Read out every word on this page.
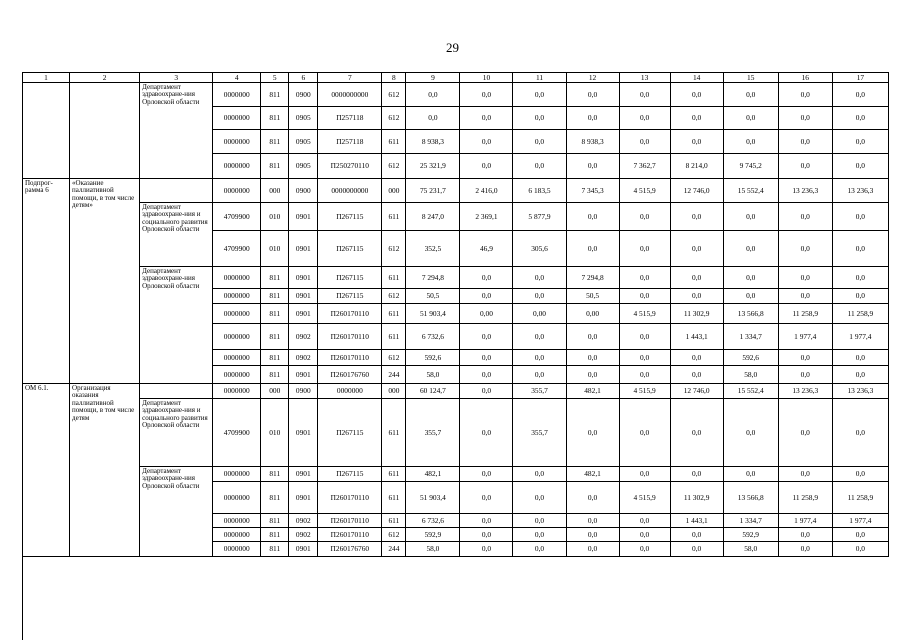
29
1	2	3	4	5	6	7	8	9	10	11	12	13	14	15	16	17
		Департамент здравоохране-ния Орловской области	0000000	811	0900	0000000000	612	0,0	0,0	0,0	0,0	0,0	0,0	0,0	0,0	0,0
			0000000	811	0905	П257118	612	0,0	0,0	0,0	0,0	0,0	0,0	0,0	0,0	0,0
			0000000	811	0905	П257118	611	8 938,3	0,0	0,0	8 938,3	0,0	0,0	0,0	0,0	0,0
			0000000	811	0905	П250270110	612	25 321,9	0,0	0,0	0,0	7 362,7	8 214,0	9 745,2	0,0	0,0
Подпрог-рамма 6	«Оказание паллиативной помощи, в том числе детям»		0000000	000	0900	0000000000	000	75 231,7	2 416,0	6 183,5	7 345,3	4 515,9	12 746,0	15 552,4	13 236,3	13 236,3
		Департамент здравоохране-ния и социального развития Орловской области	4709900	010	0901	П267115	611	8 247,0	2 369,1	5 877,9	0,0	0,0	0,0	0,0	0,0	0,0
			4709900	010	0901	П267115	612	352,5	46,9	305,6	0,0	0,0	0,0	0,0	0,0	0,0
		Департамент здравоохране-ния Орловской области	0000000	811	0901	П267115	611	7 294,8	0,0	0,0	7 294,8	0,0	0,0	0,0	0,0	0,0
			0000000	811	0901	П267115	612	50,5	0,0	0,0	50,5	0,0	0,0	0,0	0,0	0,0
			0000000	811	0901	П260170110	611	51 903,4	0,00	0,00	0,00	4 515,9	11 302,9	13 566,8	11 258,9	11 258,9
			0000000	811	0902	П260170110	611	6 732,6	0,0	0,0	0,0	0,0	1 443,1	1 334,7	1 977,4	1 977,4
			0000000	811	0902	П260170110	612	592,6	0,0	0,0	0,0	0,0	0,0	592,6	0,0	0,0
			0000000	811	0901	П260176760	244	58,0	0,0	0,0	0,0	0,0	0,0	58,0	0,0	0,0
ОМ 6.1.	Организация оказания паллиативной помощи, в том числе детям		0000000	000	0900	0000000	000	60 124,7	0,0	355,7	482,1	4 515,9	12 746,0	15 552,4	13 236,3	13 236,3
		Департамент здравоохране-ния и социального развития Орловской области	4709900	010	0901	П267115	611	355,7	0,0	355,7	0,0	0,0	0,0	0,0	0,0	0,0
		Департамент здравоохране-ния Орловской области	0000000	811	0901	П267115	611	482,1	0,0	0,0	482,1	0,0	0,0	0,0	0,0	0,0
			0000000	811	0901	П260170110	611	51 903,4	0,0	0,0	0,0	4 515,9	11 302,9	13 566,8	11 258,9	11 258,9
			0000000	811	0902	П260170110	611	6 732,6	0,0	0,0	0,0	0,0	1 443,1	1 334,7	1 977,4	1 977,4
			0000000	811	0902	П260170110	612	592,9	0,0	0,0	0,0	0,0	0,0	592,9	0,0	0,0
			0000000	811	0901	П260176760	244	58,0	0,0	0,0	0,0	0,0	0,0	58,0	0,0	0,0
